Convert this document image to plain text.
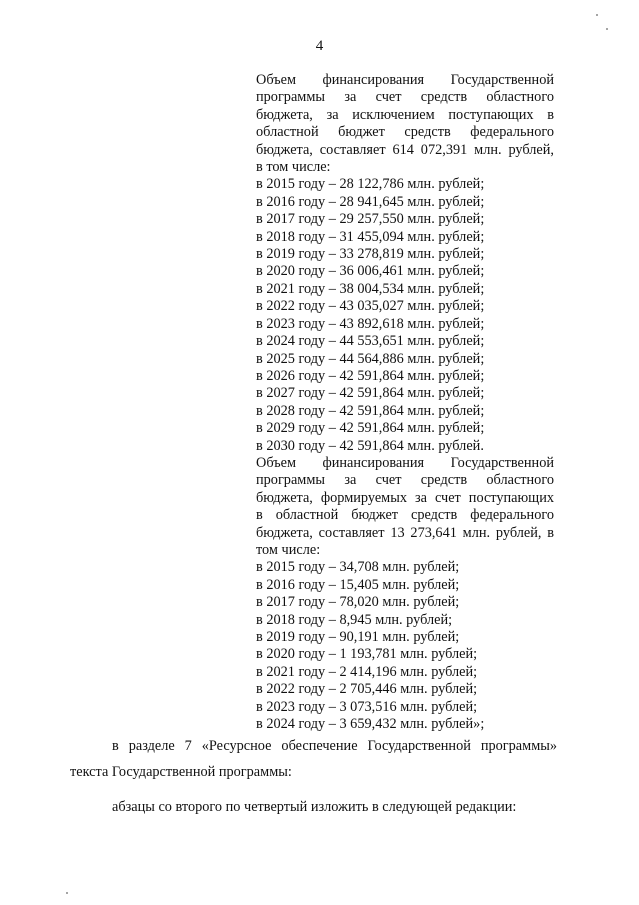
4
Объем финансирования Государственной
программы за счет средств областного
бюджета, за исключением поступающих в
областной бюджет средств федерального
бюджета, составляет 614 072,391 млн. рублей,
в том числе:
в 2015 году – 28 122,786 млн. рублей;
в 2016 году – 28 941,645 млн. рублей;
в 2017 году – 29 257,550 млн. рублей;
в 2018 году – 31 455,094 млн. рублей;
в 2019 году – 33 278,819 млн. рублей;
в 2020 году – 36 006,461 млн. рублей;
в 2021 году – 38 004,534 млн. рублей;
в 2022 году – 43 035,027 млн. рублей;
в 2023 году – 43 892,618 млн. рублей;
в 2024 году – 44 553,651 млн. рублей;
в 2025 году – 44 564,886 млн. рублей;
в 2026 году – 42 591,864 млн. рублей;
в 2027 году – 42 591,864 млн. рублей;
в 2028 году – 42 591,864 млн. рублей;
в 2029 году – 42 591,864 млн. рублей;
в 2030 году – 42 591,864 млн. рублей.
Объем финансирования Государственной
программы за счет средств областного
бюджета, формируемых за счет поступающих
в областной бюджет средств федерального
бюджета, составляет 13 273,641 млн. рублей, в
том числе:
в 2015 году – 34,708 млн. рублей;
в 2016 году – 15,405 млн. рублей;
в 2017 году – 78,020 млн. рублей;
в 2018 году – 8,945 млн. рублей;
в 2019 году – 90,191 млн. рублей;
в 2020 году – 1 193,781 млн. рублей;
в 2021 году – 2 414,196 млн. рублей;
в 2022 году – 2 705,446 млн. рублей;
в 2023 году – 3 073,516 млн. рублей;
в 2024 году – 3 659,432 млн. рублей»;
в разделе 7 «Ресурсное обеспечение Государственной программы»
текста Государственной программы:
абзацы со второго по четвертый изложить в следующей редакции:
